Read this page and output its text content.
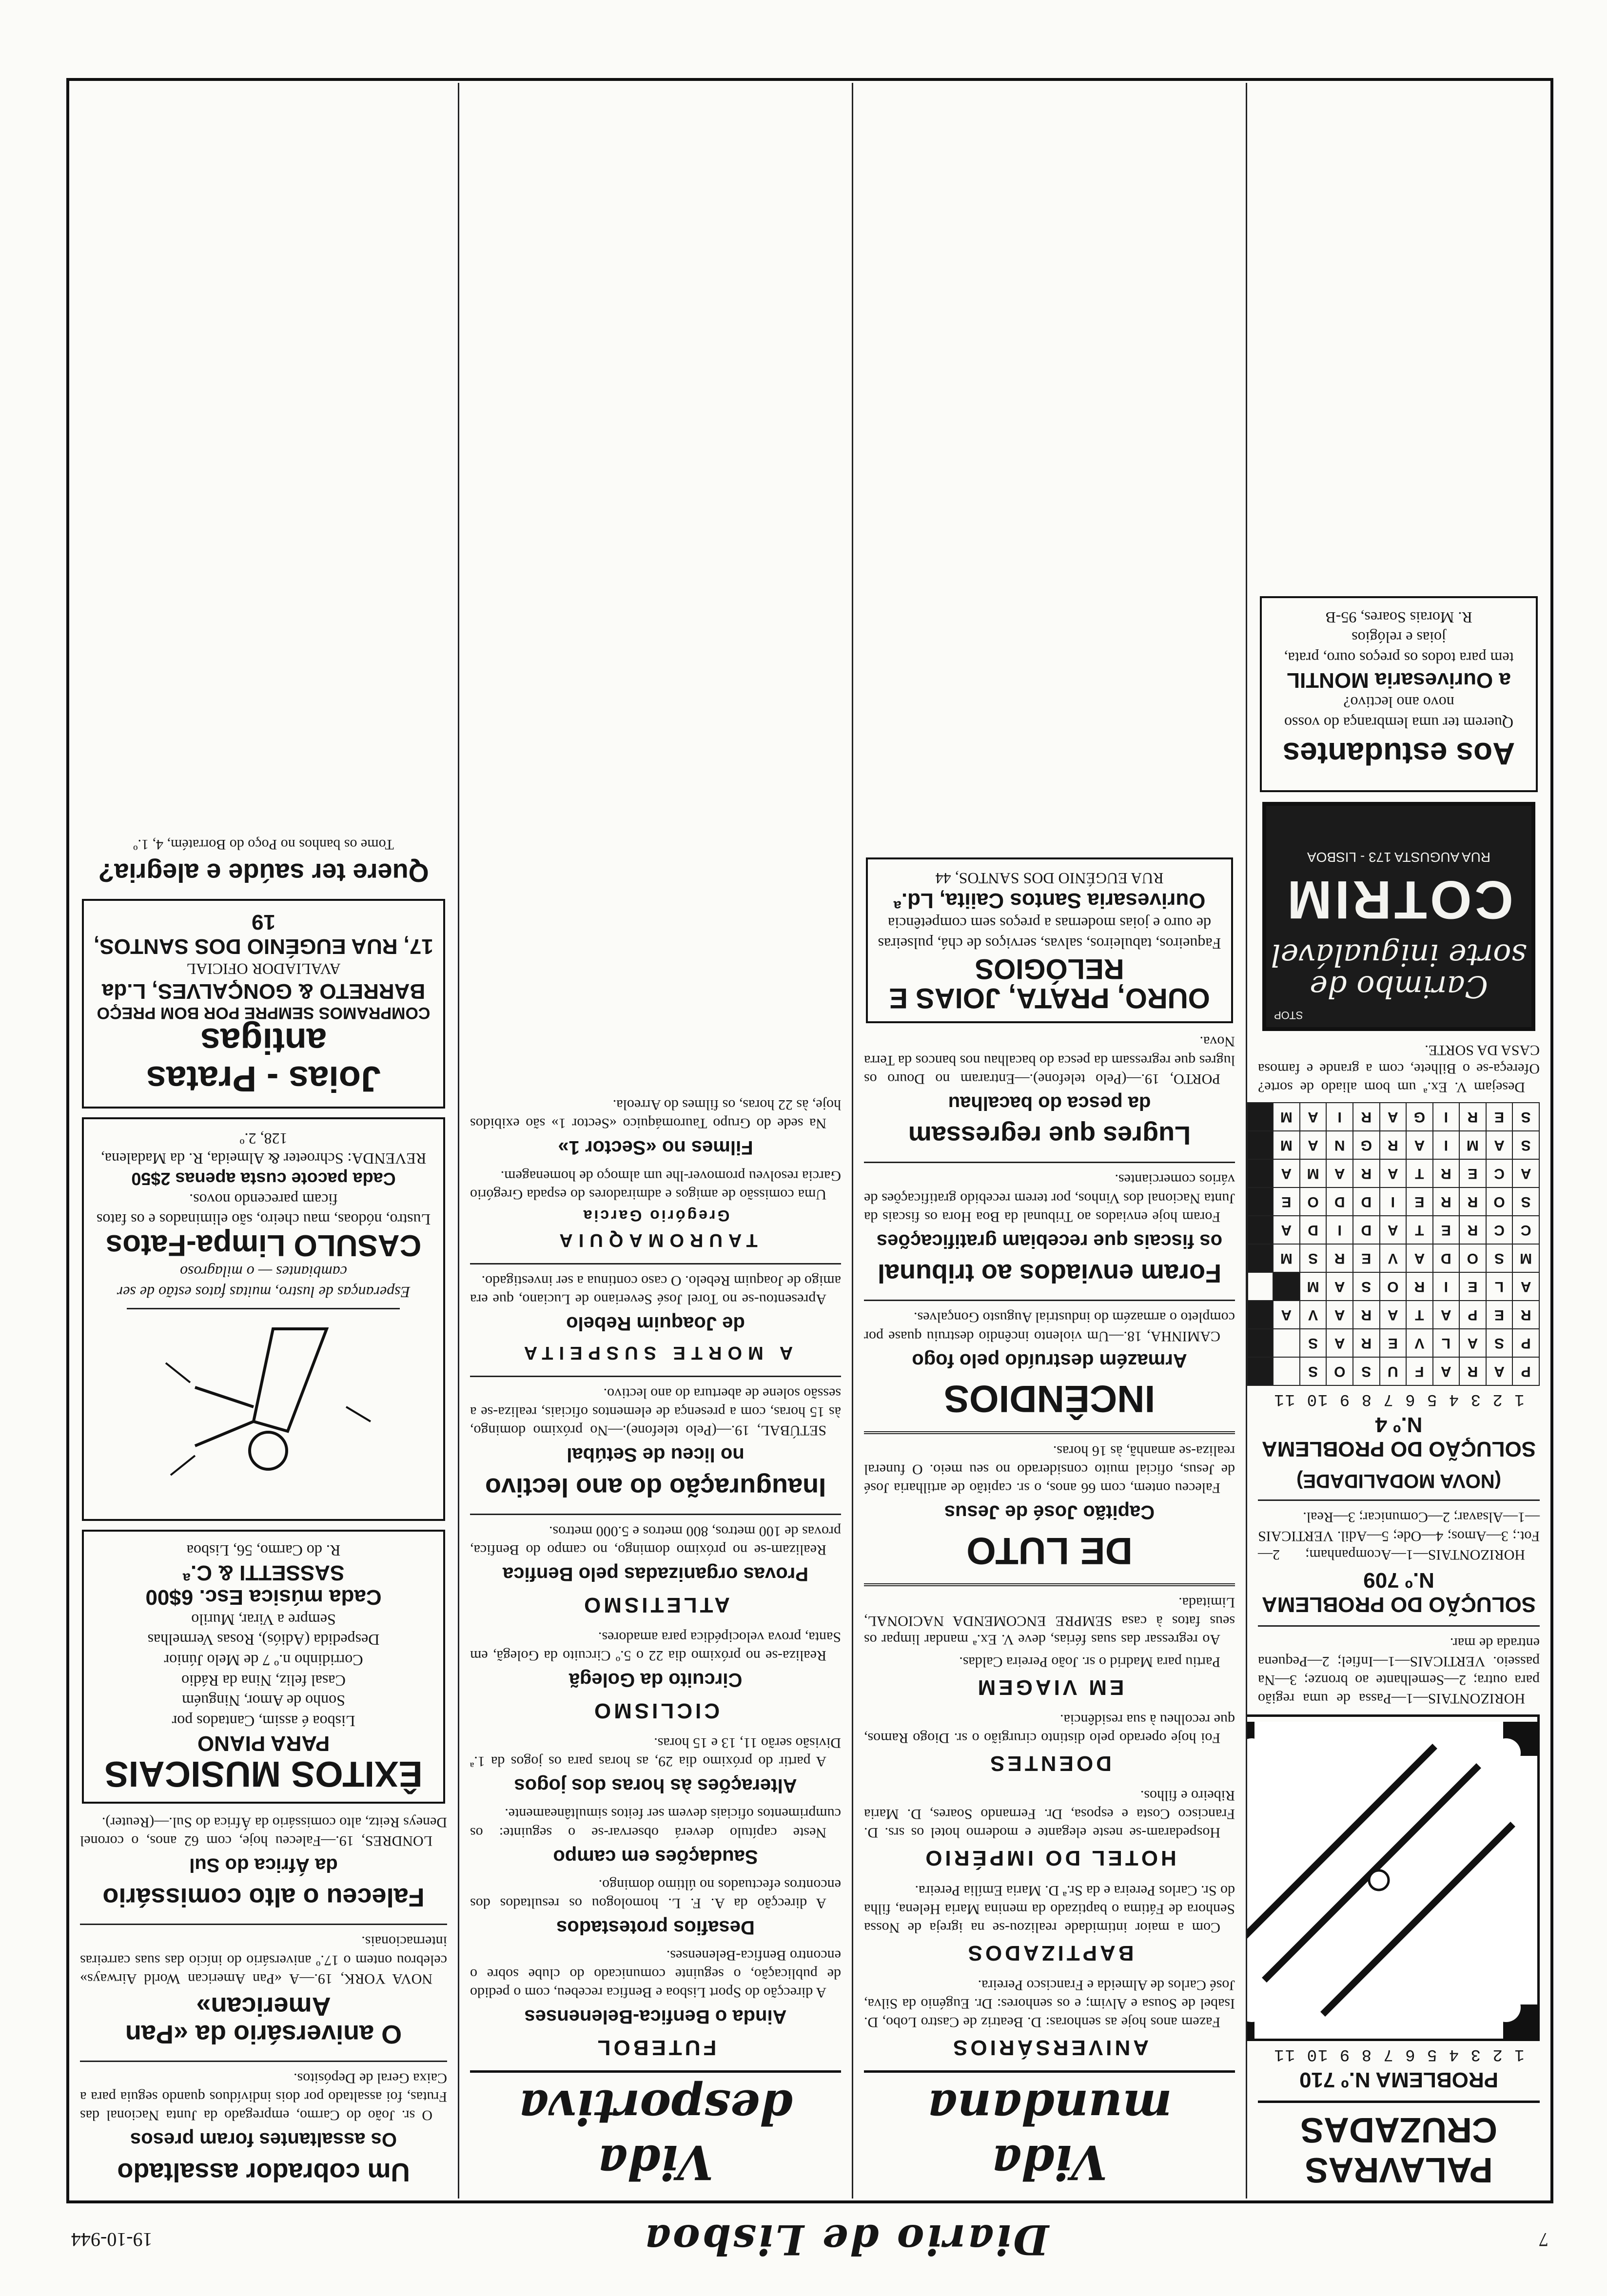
7
Diario de Lisboa
19-10-944
PALAVRAS CRUZADAS
PROBLEMA N.º 710
1 2 3 4 5 6 7 8 9 10 11

HORIZONTAIS—1—Passa de uma região para outra; 2—Semelhante ao bronze; 3—Na passeio. VERTICAIS—1—Infiel; 2—Pequena entrada de mar.

SOLUÇÃO DO PROBLEMA N.º 709

HORIZONTAIS—1—Acompanham; 2—Fot.; 3—Amos; 4—Ode; 5—Adil. VERTICAIS—1—Alsavar; 2—Comunicar; 3—Real.

(NOVA MODALIDADE)
SOLUÇÃO DO PROBLEMA N.º 4
1 2 3 4 5 6 7 8 9 10 11
P	A	R	A	F	U	S	O	S		
P	S	A	L	V	E	R	A	S		
R	E	P	A	T	A	R	A	V	A	
A	L	E	I	R	O	S	A	M		
M	S	O	D	A	V	E	R	S	M	
C	C	R	E	T	A	D	I	D	A	
S	O	R	R	E	I	D	D	O	E	
A	C	E	R	T	A	R	A	M	A	
S	A	M	I	A	R	G	N	A	M	
S	E	R	I	G	A	R	I	A	M	

Desejam V. Ex.ª um bom aliado de sorte? Ofereça-se o Bilhete, com a grande e famosa CASA DA SORTE.

STOP
Carimbo de sorte inigualável
COTRIM
RUA AUGUSTA 173 - LISBOA
Aos estudantes
Querem ter uma lembrança do vosso novo ano lectivo?
a Ourivesaria MONTIL
tem para todos os preços ouro, prata, joias e relógios
R. Morais Soares, 95-B
Vida mundana
ANIVERSÁRIOS

Fazem anos hoje as senhoras: D. Beatriz de Castro Lobo, D. Isabel de Sousa e Alvim; e os senhores: Dr. Eugénio da Silva, José Carlos de Almeida e Francisco Pereira.

BAPTIZADOS

Com a maior intimidade realizou-se na igreja de Nossa Senhora de Fátima o baptizado da menina Maria Helena, filha do Sr. Carlos Pereira e da Sr.ª D. Maria Emília Pereira.

HOTEL DO IMPÉRIO

Hospedaram-se neste elegante e moderno hotel os srs. D. Francisco Costa e esposa, Dr. Fernando Soares, D. Maria Ribeiro e filhos.

DOENTES

Foi hoje operado pelo distinto cirurgião o sr. Diogo Ramos, que recolheu à sua residência.

EM VIAGEM

Partiu para Madrid o sr. João Pereira Caldas.

Ao regressar das suas férias, deve V. Ex.ª mandar limpar os seus fatos à casa SEMPRE ENCOMENDA NACIONAL, Limitada.

DE LUTO
Capitão José de Jesus

Faleceu ontem, com 66 anos, o sr. capitão de artilharia José de Jesus, oficial muito considerado no seu meio. O funeral realiza-se amanhã, às 16 horas.

INCÊNDIOS
Armazém destruído pelo fogo

CAMINHA, 18.—Um violento incêndio destruiu quase por completo o armazém do industrial Augusto Gonçalves.

Foram enviados ao tribunal
os fiscais que recebiam gratificações

Foram hoje enviados ao Tribunal da Boa Hora os fiscais da Junta Nacional dos Vinhos, por terem recebido gratificações de vários comerciantes.

Lugres que regressam
da pesca do bacalhau

PORTO, 19.—(Pelo telefone).—Entraram no Douro os lugres que regressam da pesca do bacalhau nos bancos da Terra Nova.

OURO, PRATA, JOIAS E RELÓGIOS
Faqueiros, tabuleiros, salvas, serviços de chá, pulseiras de ouro e joias modernas a preços sem competência
Ourivesaria Santos Caiita, Ld.ª
RUA EUGÉNIO DOS SANTOS, 44
Vida desportiva
FUTEBOL
Ainda o Benfica-Belenenses

A direcção do Sport Lisboa e Benfica recebeu, com o pedido de publicação, o seguinte comunicado do clube sobre o encontro Benfica-Belenenses.

Desafios protestados

A direcção da A. F. L. homologou os resultados dos encontros efectuados no último domingo.

Saudações em campo

Neste capítulo deverá observar-se o seguinte: os cumprimentos oficiais devem ser feitos simultâneamente.

Alterações às horas dos jogos

A partir do próximo dia 29, as horas para os jogos da 1.ª Divisão serão 11, 13 e 15 horas.

CICLISMO
Circuito da Golegã

Realiza-se no próximo dia 22 o 5.º Circuito da Golegã, em Santa, prova velocipédica para amadores.

ATLETISMO
Provas organizadas pelo Benfica

Realizam-se no próximo domingo, no campo do Benfica, provas de 100 metros, 800 metros e 5.000 metros.

Inauguração do ano lectivo
no liceu de Setúbal

SETÚBAL, 19.—(Pelo telefone).—No próximo domingo, às 15 horas, com a presença de elementos oficiais, realiza-se a sessão solene de abertura do ano lectivo.

A MORTE SUSPEITA
de Joaquim Rebelo

Apresentou-se no Torel José Severiano de Luciano, que era amigo de Joaquim Rebelo. O caso continua a ser investigado.

TAUROMAQUIA
Gregório Garcia

Uma comissão de amigos e admiradores do espada Gregório Garcia resolveu promover-lhe um almoço de homenagem.

Filmes no «Sector 1»

Na sede do Grupo Tauromáquico «Sector 1» são exibidos hoje, às 22 horas, os filmes do Arreola.

Um cobrador assaltado
Os assaltantes foram presos

O sr. João do Carmo, empregado da Junta Nacional das Frutas, foi assaltado por dois indivíduos quando seguia para a Caixa Geral de Depósitos.

O aniversário da «Pan American»

NOVA YORK, 19.—A «Pan American World Airways» celebrou ontem o 17.º aniversário do início das suas carreiras internacionais.

Faleceu o alto comissário
da África do Sul

LONDRES, 19.—Faleceu hoje, com 62 anos, o coronel Deneys Reitz, alto comissário da África do Sul.—(Reuter).

ÊXITOS MUSICAIS
PARA PIANO
Lisboa é assim, Cantados por
Sonho de Amor, Ninguém
Casal feliz, Nina da Rádio
Corridinho n.º 7 de Melo Júnior
Despedida (Adiós), Rosas Vermelhas
Sempre a Virar, Murilo
Cada música Esc. 6$00
SASSETTI & C.ª
R. do Carmo, 56, Lisboa
Esperanças de lustro, muitas fatos estão de ser cambiantes — o milagroso
CASULO Limpa-Fatos
Lustro, nódoas, mau cheiro, são eliminados e os fatos ficam parecendo novos.
Cada pacote custa apenas 2$50
REVENDA: Schroeter & Almeida, R. da Madalena, 128, 2.º
Joias - Pratas antigas
COMPRAMOS SEMPRE POR BOM PREÇO
BARRETO & GONÇALVES, L.da
AVALIADOR OFICIAL
17, RUA EUGÉNIO DOS SANTOS, 19
Quere ter saúde e alegria?

Tome os banhos no Poço do Borratém, 4, 1.º
